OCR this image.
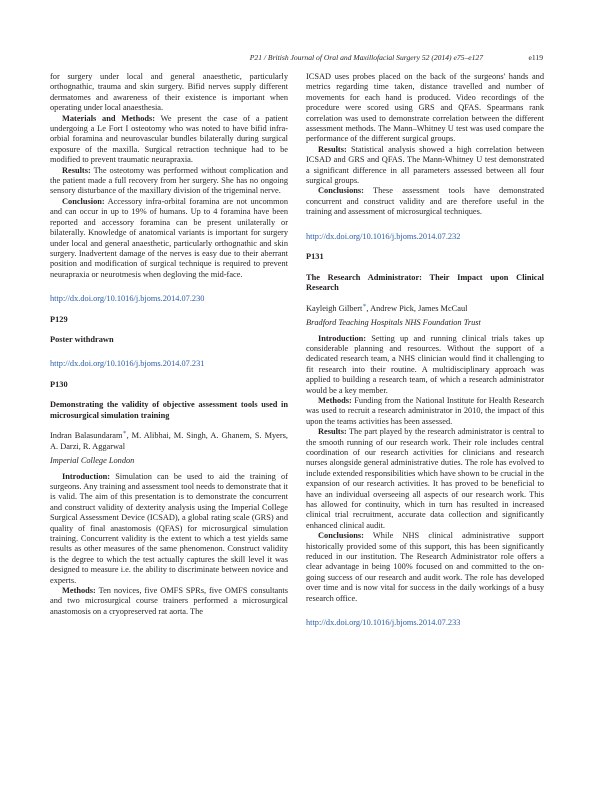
P21 / British Journal of Oral and Maxillofacial Surgery 52 (2014) e75–e127	e119

for surgery under local and general anaesthetic, particularly orthognathic, trauma and skin surgery. Bifid nerves supply different dermatomes and awareness of their existence is important when operating under local anaesthesia.

Materials and Methods: We present the case of a patient undergoing a Le Fort I osteotomy who was noted to have bifid infra-orbial foramina and neurovascular bundles bilaterally during surgical exposure of the maxilla. Surgical retraction technique had to be modified to prevent traumatic neurapraxia.

Results: The osteotomy was performed without complication and the patient made a full recovery from her surgery. She has no ongoing sensory disturbance of the maxillary division of the trigeminal nerve.

Conclusion: Accessory infra-orbital foramina are not uncommon and can occur in up to 19% of humans. Up to 4 foramina have been reported and accessory foramina can be present unilaterally or bilaterally. Knowledge of anatomical variants is important for surgery under local and general anaesthetic, particularly orthognathic and skin surgery. Inadvertent damage of the nerves is easy due to their aberrant position and modification of surgical technique is required to prevent neurapraxia or neurotmesis when degloving the mid-face.

http://dx.doi.org/10.1016/j.bjoms.2014.07.230

P129

Poster withdrawn

http://dx.doi.org/10.1016/j.bjoms.2014.07.231

P130

Demonstrating the validity of objective assessment tools used in microsurgical simulation training

Indran Balasundaram∗, M. Alibhai, M. Singh, A. Ghanem, S. Myers, A. Darzi, R. Aggarwal

Imperial College London

Introduction: Simulation can be used to aid the training of surgeons. Any training and assessment tool needs to demonstrate that it is valid. The aim of this presentation is to demonstrate the concurrent and construct validity of dexterity analysis using the Imperial College Surgical Assessment Device (ICSAD), a global rating scale (GRS) and quality of final anastomosis (QFAS) for microsurgical simulation training. Concurrent validity is the extent to which a test yields same results as other measures of the same phenomenon. Construct validity is the degree to which the test actually captures the skill level it was designed to measure i.e. the ability to discriminate between novice and experts.

Methods: Ten novices, five OMFS SPRs, five OMFS consultants and two microsurgical course trainers performed a microsurgical anastomosis on a cryopreserved rat aorta. The

ICSAD uses probes placed on the back of the surgeons' hands and metrics regarding time taken, distance travelled and number of movements for each hand is produced. Video recordings of the procedure were scored using GRS and QFAS. Spearmans rank correlation was used to demonstrate correlation between the different assessment methods. The Mann–Whitney U test was used compare the performance of the different surgical groups.

Results: Statistical analysis showed a high correlation between ICSAD and GRS and QFAS. The Mann-Whitney U test demonstrated a significant difference in all parameters assessed between all four surgical groups.

Conclusions: These assessment tools have demonstrated concurrent and construct validity and are therefore useful in the training and assessment of microsurgical techniques.

http://dx.doi.org/10.1016/j.bjoms.2014.07.232

P131

The Research Administrator: Their Impact upon Clinical Research

Kayleigh Gilbert∗, Andrew Pick, James McCaul

Bradford Teaching Hospitals NHS Foundation Trust

Introduction: Setting up and running clinical trials takes up considerable planning and resources. Without the support of a dedicated research team, a NHS clinician would find it challenging to fit research into their routine. A multidisciplinary approach was applied to building a research team, of which a research administrator would be a key member.

Methods: Funding from the National Institute for Health Research was used to recruit a research administrator in 2010, the impact of this upon the teams activities has been assessed.

Results: The part played by the research administrator is central to the smooth running of our research work. Their role includes central coordination of our research activities for clinicians and research nurses alongside general administrative duties. The role has evolved to include extended responsibilities which have shown to be crucial in the expansion of our research activities. It has proved to be beneficial to have an individual overseeing all aspects of our research work. This has allowed for continuity, which in turn has resulted in increased clinical trial recruitment, accurate data collection and significantly enhanced clinical audit.

Conclusions: While NHS clinical administrative support historically provided some of this support, this has been significantly reduced in our institution. The Research Administrator role offers a clear advantage in being 100% focused on and committed to the on-going success of our research and audit work. The role has developed over time and is now vital for success in the daily workings of a busy research office.

http://dx.doi.org/10.1016/j.bjoms.2014.07.233
